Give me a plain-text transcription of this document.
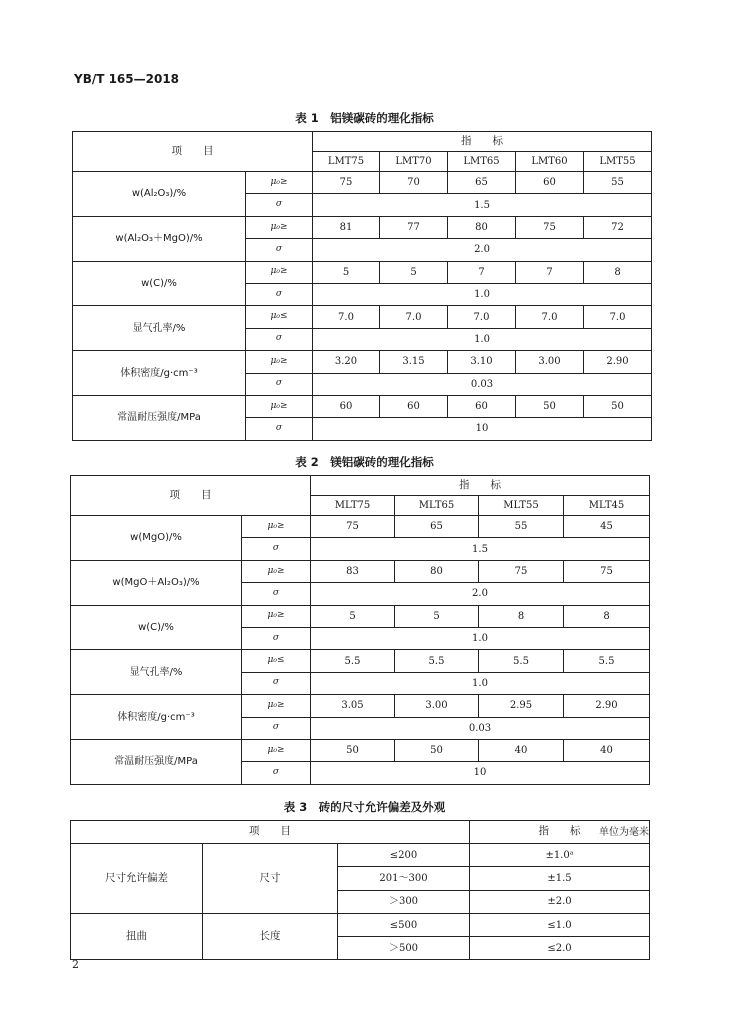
YB/T 165—2018
表 1　铝镁碳砖的理化指标
项　　目		指　　标				
		LMT75	LMT70	LMT65	LMT60	LMT55
w(Al₂O₃)/%	μ₀≥	75	70	65	60	55
	σ	1.5				
w(Al₂O₃＋MgO)/%	μ₀≥	81	77	80	75	72
	σ	2.0				
w(C)/%	μ₀≥	5	5	7	7	8
	σ	1.0				
显气孔率/%	μ₀≤	7.0	7.0	7.0	7.0	7.0
	σ	1.0				
体积密度/g·cm⁻³	μ₀≥	3.20	3.15	3.10	3.00	2.90
	σ	0.03				
常温耐压强度/MPa	μ₀≥	60	60	60	50	50
	σ	10				
表 2　镁铝碳砖的理化指标
项　　目		指　　标			
		MLT75	MLT65	MLT55	MLT45
w(MgO)/%	μ₀≥	75	65	55	45
	σ	1.5			
w(MgO＋Al₂O₃)/%	μ₀≥	83	80	75	75
	σ	2.0			
w(C)/%	μ₀≥	5	5	8	8
	σ	1.0			
显气孔率/%	μ₀≤	5.5	5.5	5.5	5.5
	σ	1.0			
体积密度/g·cm⁻³	μ₀≥	3.05	3.00	2.95	2.90
	σ	0.03			
常温耐压强度/MPa	μ₀≥	50	50	40	40
	σ	10			
表 3　砖的尺寸允许偏差及外观
单位为毫米
项　　目			指　　标
尺寸允许偏差	尺寸	≤200	±1.0ᵃ
		201～300	±1.5
		＞300	±2.0
扭曲	长度	≤500	≤1.0
		＞500	≤2.0
2
